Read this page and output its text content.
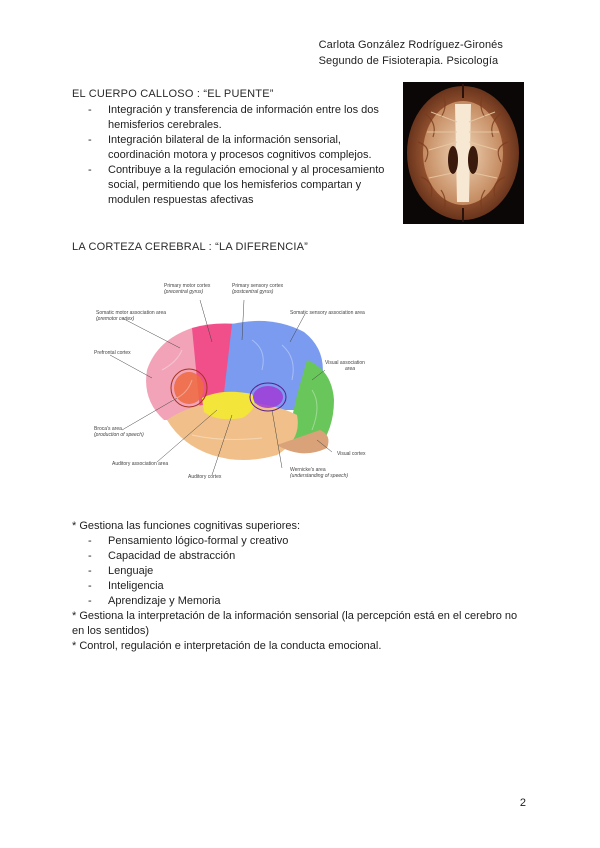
Carlota González Rodríguez-Gironés
Segundo de Fisioterapia. Psicología
EL CUERPO CALLOSO : “EL PUENTE”
- Integración y transferencia de información entre los dos hemisferios cerebrales.
- Integración bilateral de la información sensorial, coordinación motora y procesos cognitivos complejos.
- Contribuye a la regulación emocional y al procesamiento social, permitiendo que los hemisferios compartan y modulen respuestas afectivas
LA CORTEZA CEREBRAL : “LA DIFERENCIA”
Primary motor cortex
(precentral gyrus)
Primary sensory cortex
(postcentral gyrus)
Somatic motor association area
(premotor cortex)
Somatic sensory association area
Prefrontal cortex
Visual association
area
Broca's area
(production of speech)
Visual cortex
Auditory association area
Auditory cortex
Wernicke's area
(understanding of speech)

* Gestiona las funciones cognitivas superiores:

- Pensamiento lógico-formal y creativo
- Capacidad de abstracción
- Lenguaje
- Inteligencia
- Aprendizaje y Memoria

* Gestiona la interpretación de la información sensorial (la percepción está en el cerebro no en los sentidos)

* Control, regulación e interpretación de la conducta emocional.

2
